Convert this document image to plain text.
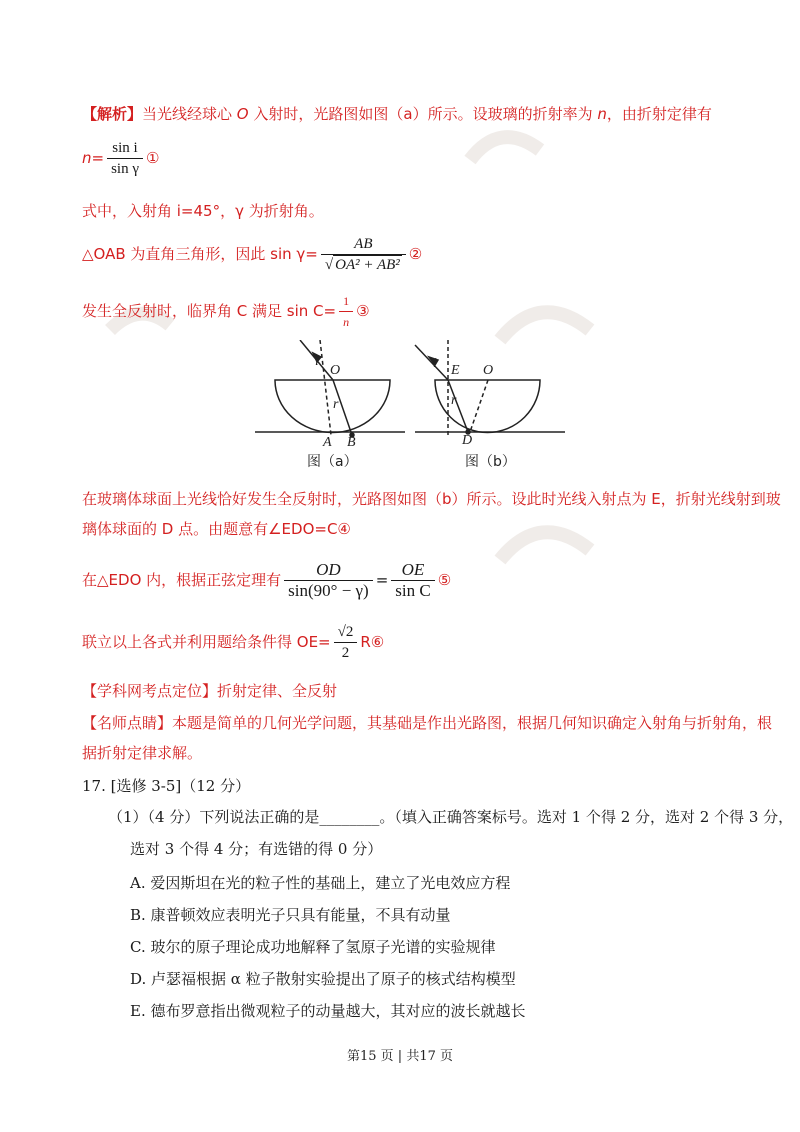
【解析】当光线经球心 O 入射时，光路图如图（a）所示。设玻璃的折射率为 n，由折射定律有
$n= \frac{\text{sin i}}{\text{sin γ}}$ ①
式中，入射角 i=45°，γ 为折射角。
△OAB 为直角三角形，因此 $\sin \gamma= \frac{AB}{\text{√ OA² + AB²}}$ ②
发生全反射时，临界角 C 满足 $\sin C= \frac{1}{n}$ ③
i
O
r
A B
图（a）
i E O
r
D
图（b）
在玻璃体球面上光线恰好发生全反射时，光路图如图（b）所示。设此时光线入射点为 E，折射光线射到玻
璃体球面的 D 点。由题意有∠EDO=C④
在△EDO 内，根据正弦定理有 $\frac{OD}{\sin(90^\circ - \gamma)} = \frac{OE}{\text{sin C}}$ ⑤
联立以上各式并利用题给条件得 $OE= \frac{√2}{2}$ R⑥
【学科网考点定位】折射定律、全反射
【名师点睛】本题是简单的几何光学问题，其基础是作出光路图，根据几何知识确定入射角与折射角，根
据折射定律求解。
17. [选修 3-5]（12 分）
（1）（4 分）下列说法正确的是________。（填入正确答案标号。选对 1 个得 2 分，选对 2 个得 3 分，
选对 3 个得 4 分；有选错的得 0 分）
A. 爱因斯坦在光的粒子性的基础上，建立了光电效应方程
B. 康普顿效应表明光子只具有能量，不具有动量
C. 玻尔的原子理论成功地解释了氢原子光谱的实验规律
D. 卢瑟福根据 α 粒子散射实验提出了原子的核式结构模型
E. 德布罗意指出微观粒子的动量越大，其对应的波长就越长
第15 页 | 共17 页
